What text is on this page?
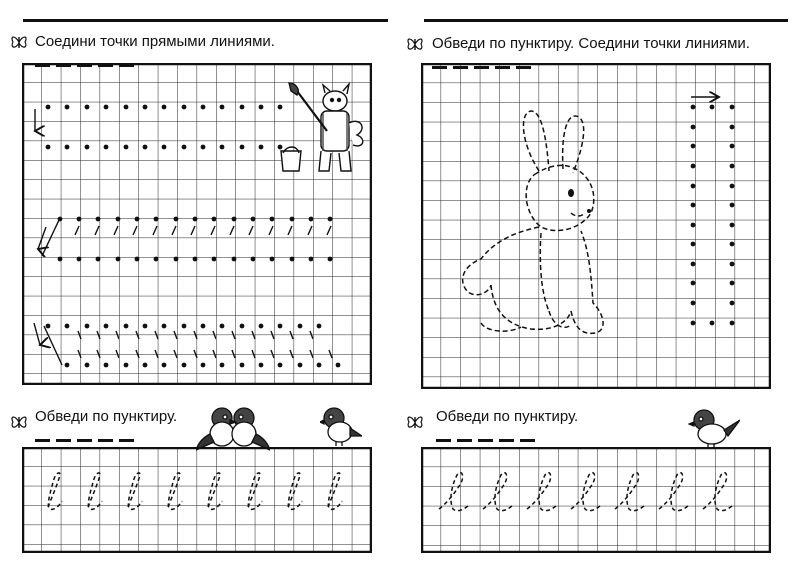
Соедини точки прямыми линиями.	Обведи по пунктиру. Соедини точки линиями.
Обведи по пунктиру.	Обведи по пунктиру.
